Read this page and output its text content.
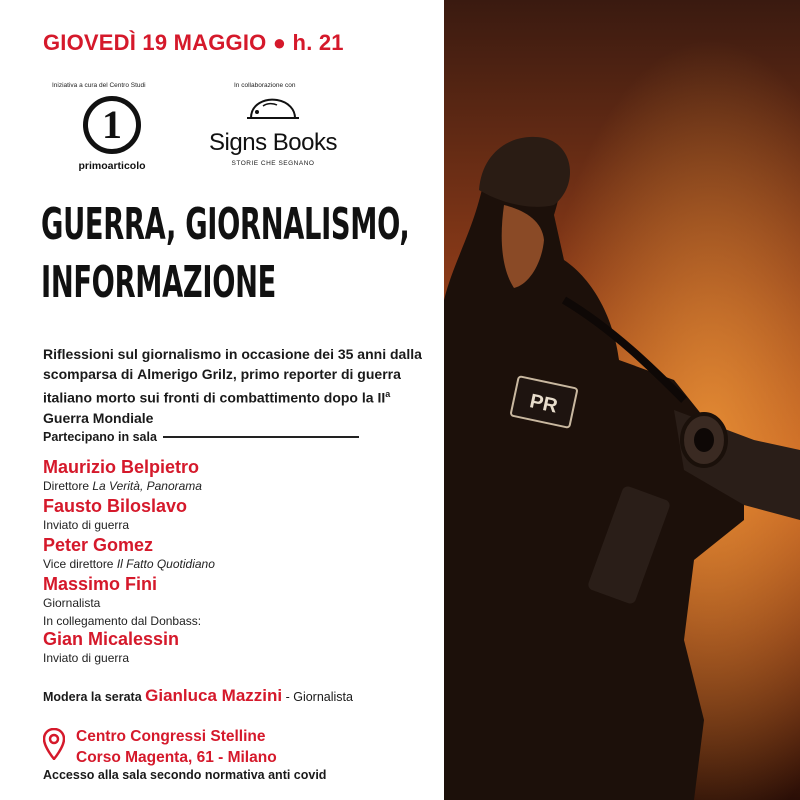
GIOVEDÌ 19 MAGGIO ● h. 21
Iniziativa a cura del Centro Studi
1
primoarticolo
In collaborazione con
Signs Books
STORIE CHE SEGNANO
GUERRA, GIORNALISMO,
INFORMAZIONE
Riflessioni sul giornalismo in occasione dei 35 anni dalla scomparsa di Almerigo Grilz, primo reporter di guerra italiano morto sui fronti di combattimento dopo la $II^a$ Guerra Mondiale
Partecipano in sala
Maurizio Belpietro
Direttore La Verità, Panorama
Fausto Biloslavo
Inviato di guerra
Peter Gomez
Vice direttore Il Fatto Quotidiano
Massimo Fini
Giornalista
In collegamento dal Donbass:
Gian Micalessin
Inviato di guerra
Modera la serata Gianluca Mazzini - Giornalista
Centro Congressi Stelline
Corso Magenta, 61 - Milano
Accesso alla sala secondo normativa anti covid
PR
